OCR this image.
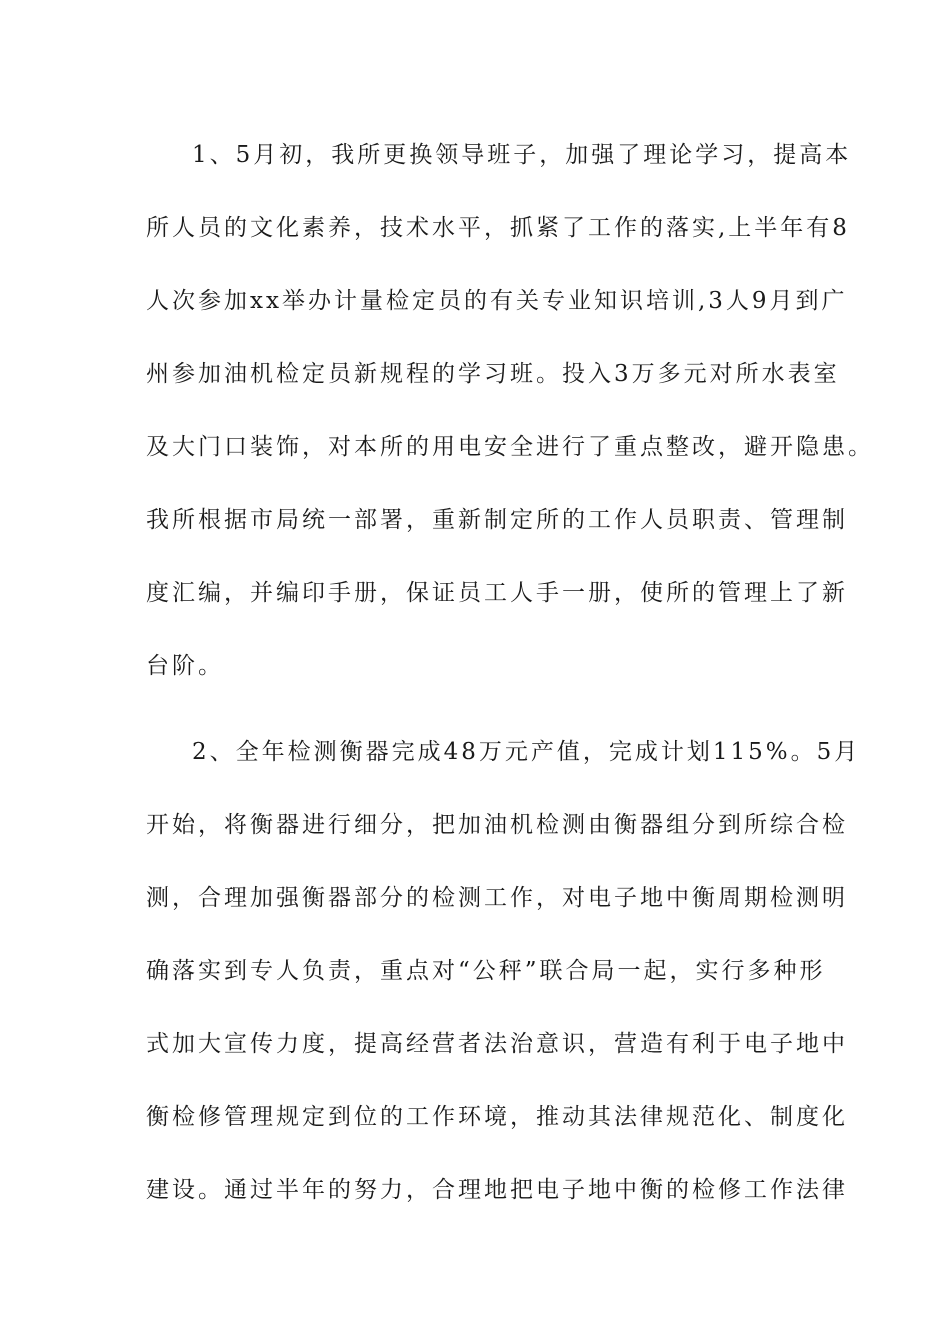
1、5月初，我所更换领导班子，加强了理论学习，提高本
所人员的文化素养，技术水平，抓紧了工作的落实,上半年有8
人次参加xx举办计量检定员的有关专业知识培训,3人9月到广
州参加油机检定员新规程的学习班。投入3万多元对所水表室
及大门口装饰，对本所的用电安全进行了重点整改，避开隐患。
我所根据市局统一部署，重新制定所的工作人员职责、管理制
度汇编，并编印手册，保证员工人手一册，使所的管理上了新
台阶。
2、全年检测衡器完成48万元产值，完成计划115%。5月
开始，将衡器进行细分，把加油机检测由衡器组分到所综合检
测，合理加强衡器部分的检测工作，对电子地中衡周期检测明
确落实到专人负责，重点对“公秤”联合局一起，实行多种形
式加大宣传力度，提高经营者法治意识，营造有利于电子地中
衡检修管理规定到位的工作环境，推动其法律规范化、制度化
建设。通过半年的努力，合理地把电子地中衡的检修工作法律
